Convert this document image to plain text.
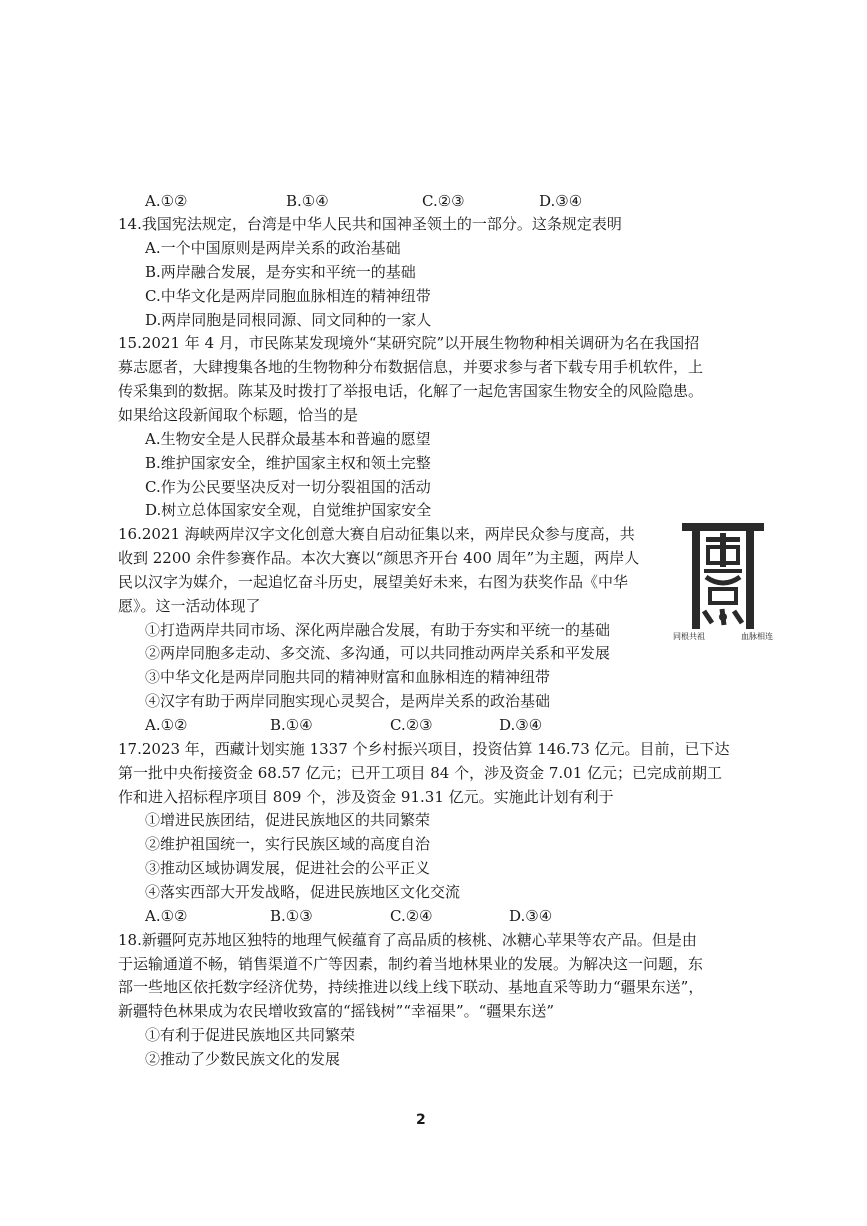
A.①②	B.①④	C.②③	D.③④
14.我国宪法规定，台湾是中华人民共和国神圣领土的一部分。这条规定表明
A.一个中国原则是两岸关系的政治基础
B.两岸融合发展，是夯实和平统一的基础
C.中华文化是两岸同胞血脉相连的精神纽带
D.两岸同胞是同根同源、同文同种的一家人
15.2021 年 4 月，市民陈某发现境外“某研究院”以开展生物物种相关调研为名在我国招
募志愿者，大肆搜集各地的生物物种分布数据信息，并要求参与者下载专用手机软件，上
传采集到的数据。陈某及时拨打了举报电话，化解了一起危害国家生物安全的风险隐患。
如果给这段新闻取个标题，恰当的是
A.生物安全是人民群众最基本和普遍的愿望
B.维护国家安全，维护国家主权和领土完整
C.作为公民要坚决反对一切分裂祖国的活动
D.树立总体国家安全观，自觉维护国家安全
16.2021 海峡两岸汉字文化创意大赛自启动征集以来，两岸民众参与度高，共
收到 2200 余件参赛作品。本次大赛以“颜思齐开台 400 周年”为主题，两岸人
民以汉字为媒介，一起追忆奋斗历史，展望美好未来，右图为获奖作品《中华
愿》。这一活动体现了
①打造两岸共同市场、深化两岸融合发展，有助于夯实和平统一的基础
②两岸同胞多走动、多交流、多沟通，可以共同推动两岸关系和平发展
③中华文化是两岸同胞共同的精神财富和血脉相连的精神纽带
④汉字有助于两岸同胞实现心灵契合，是两岸关系的政治基础
A.①②	B.①④	C.②③	D.③④
同根共祖	血脉相连
17.2023 年，西藏计划实施 1337 个乡村振兴项目，投资估算 146.73 亿元。目前，已下达
第一批中央衔接资金 68.57 亿元；已开工项目 84 个，涉及资金 7.01 亿元；已完成前期工
作和进入招标程序项目 809 个，涉及资金 91.31 亿元。实施此计划有利于
①增进民族团结，促进民族地区的共同繁荣
②维护祖国统一，实行民族区域的高度自治
③推动区域协调发展，促进社会的公平正义
④落实西部大开发战略，促进民族地区文化交流
A.①②	B.①③	C.②④	D.③④
18.新疆阿克苏地区独特的地理气候蕴育了高品质的核桃、冰糖心苹果等农产品。但是由
于运输通道不畅，销售渠道不广等因素，制约着当地林果业的发展。为解决这一问题，东
部一些地区依托数字经济优势，持续推进以线上线下联动、基地直采等助力“疆果东送”，
新疆特色林果成为农民增收致富的“摇钱树”“幸福果”。“疆果东送”
①有利于促进民族地区共同繁荣
②推动了少数民族文化的发展
2
